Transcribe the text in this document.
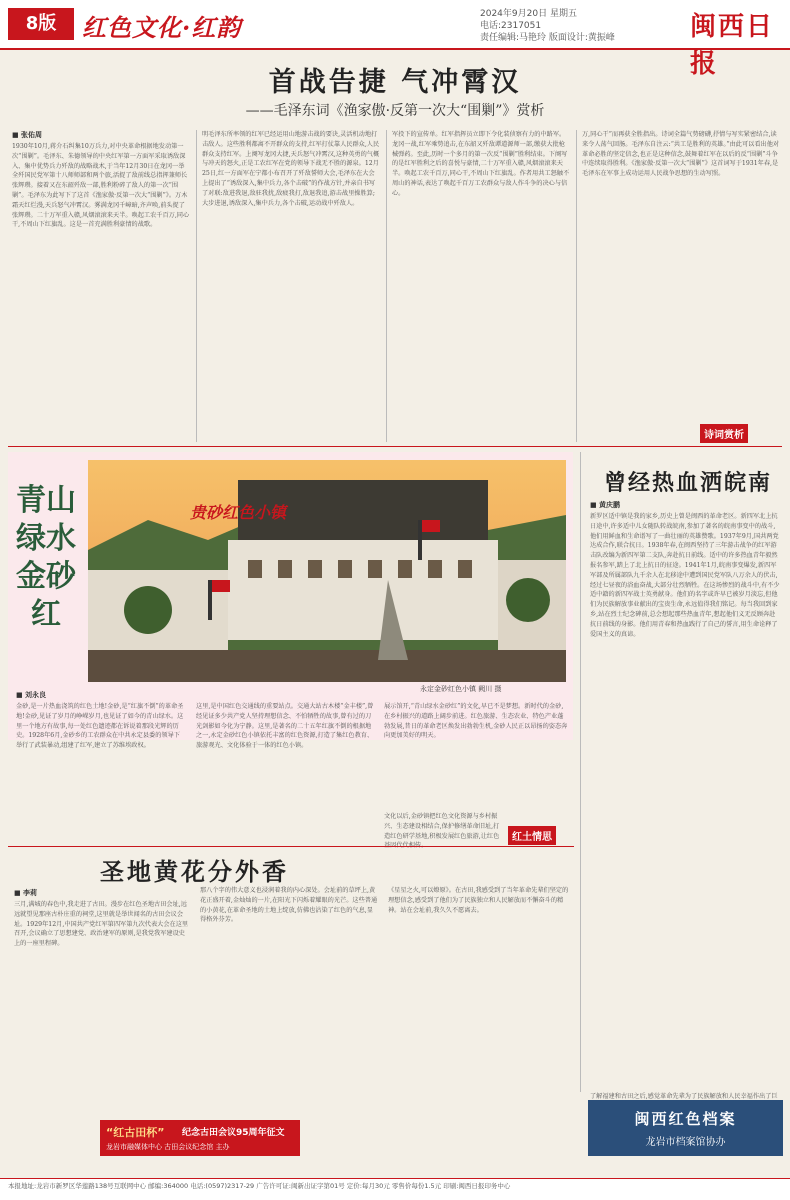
8版	红色文化·红韵	2024年9月20日 星期五
电话:2317051
责任编辑:马艳玲 版面设计:黄振峰	闽西日报
首战告捷 气冲霄汉
——毛泽东词《渔家傲·反第一次大“围剿”》赏析
■ 张佑周
1930年10月,蒋介石纠集10万兵力,对中央革命根据地发动第一次“围剿”。毛泽东、朱德领导的中央红军第一方面军采取诱敌深入、集中优势兵力歼敌的战略战术,于当年12月30日在龙冈一举全歼国民党军第十八师师部和两个旅,活捉了敌前线总指挥兼师长张辉瓒。接着又在东韶歼敌一部,胜利粉碎了敌人的第一次“围剿”。毛泽东为此写下了这首《渔家傲·反第一次大“围剿”》。万木霜天红烂漫,天兵怒气冲霄汉。雾满龙冈千嶂暗,齐声唤,前头捉了张辉瓒。二十万军重入赣,风烟滚滚来天半。唤起工农千百万,同心干,不周山下红旗乱。这是一首充满胜利豪情的战歌。
明毛泽东所率领的红军已经运用山地游击战的要诀,灵活机动地打击敌人。这些胜利都离不开群众的支持,红军打仗靠人民群众,人民群众支持红军。上阕写龙冈大捷,天兵怒气冲霄汉,这种英勇的气概与冲天的怒火,正是工农红军在党的领导下战无不胜的源泉。12月25日,红一方面军在宁都小布召开了歼敌誓师大会,毛泽东在大会上提出了“诱敌深入,集中兵力,各个击破”的作战方针,并亲自书写了对联:敌进我退,敌驻我扰,敌疲我打,敌退我追,游击战里操胜算;大步进退,诱敌深入,集中兵力,各个击破,运动战中歼敌人。
军投下的宣传单。红军指挥员立即下令化装侦察有力的中路军。龙冈一战,红军乘势追击,在东韶又歼敌谭道源师一部,缴获大批枪械弹药。至此,历时一个多月的第一次反“围剿”胜利结束。下阕写的是红军胜利之后的喜悦与豪情,二十万军重入赣,风烟滚滚来天半。唤起工农千百万,同心干,不周山下红旗乱。作者用共工怒触不周山的神话,表达了唤起千百万工农群众与敌人作斗争的决心与信心。
万,同心干”而再获全胜指出。诗词全篇气势磅礴,抒情与写实紧密结合,读来令人荡气回肠。毛泽东自注云:“共工是胜利的英雄。”由此可以看出他对革命必胜的坚定信念,也正是这种信念,鼓舞着红军在以后的反“围剿”斗争中连续取得胜利。《渔家傲·反第一次大“围剿”》这首词写于1931年春,是毛泽东在军事上成功运用人民战争思想的生动写照。
诗词赏析
青山绿水金砂红
贵砂红色小镇
永定金砂红色小镇 阙川 摄
■ 刘永良
金砂,是一片热血浇筑的红色土地!金砂,是“红旗不倒”的革命圣地!金砂,见证了岁月的峥嵘岁月,也见证了如今的青山绿水。这里一个地方有故事,每一处红色遗迹都在诉说着那段光辉的历史。1928年6月,金砂乡的工农群众在中共永定县委的领导下举行了武装暴动,组建了红军,建立了苏维埃政权。
这里,是中国红色交通线的重要站点。交通大站古木楼“金丰楼”,曾经见证多少共产党人坚持理想信念、不怕牺牲的故事,曾有过的刀光剑影如今化为宁静。这里,是著名的二十五年红旗不倒的根据地之一,永定金砂红色小镇依托丰富的红色资源,打造了集红色教育、旅游观光、文化体验于一体的红色小镇。
展示馆开,“青山绿水金砂红”的文化,早已不是梦想。新时代的金砂,在乡村振兴的道路上阔步前进。红色旅游、生态农业、特色产业蓬勃发展,昔日的革命老区焕发出勃勃生机,金砂人民正以昂扬的姿态奔向更加美好的明天。
文化以后,金砂镇把红色文化资源与乡村振兴、生态建设相结合,保护修缮革命旧址,打造红色研学基地,积极发展红色旅游,让红色	红土情思
曾经热血洒皖南
■ 黄庆鹏
新罗区适中镇是我的家乡,历史上曾是闽西的革命老区。新四军北上抗日途中,许多适中儿女随队转战皖南,参加了著名的皖南事变中的战斗,他们用鲜血和生命谱写了一曲壮丽的英雄赞歌。1937年9月,国共两党达成合作,联合抗日。1938年春,在闽西坚持了三年游击战争的红军游击队改编为新四军第二支队,奔赴抗日前线。适中的许多热血青年毅然报名参军,踏上了北上抗日的征途。1941年1月,皖南事变爆发,新四军军部及所属部队九千余人在北移途中遭到国民党军队八万余人的伏击,经过七昼夜的浴血奋战,大部分壮烈牺牲。在这场惨烈的战斗中,有不少适中籍的新四军战士英勇献身。他们的名字或许早已被岁月淡忘,但他们为民族解放事业献出的宝贵生命,永远值得我们铭记。每当我回到家乡,站在烈士纪念碑前,总会想起那些热血青年,想起他们义无反顾奔赴抗日前线的身影。他们用青春和热血践行了自己的誓言,用生命诠释了爱国主义的真谛。
圣地黄花分外香
■ 李莉
三月,满城的春色中,我走进了古田。漫步在红色圣地古田会址,远远就望见那座古朴庄重的祠堂,这里就是举世闻名的古田会议会址。1929年12月,中国共产党红军第四军第九次代表大会在这里召开,会议确立了思想建党、政治建军的原则,是我党我军建设史上的一座里程碑。
那八个字的伟大意义也浸润着我的内心深处。会址前的草坪上,黄花正盛开着,金灿灿的一片,在阳光下闪烁着耀眼的光芒。这些普通的小黄花,在革命圣地的土地上绽放,仿佛也沾染了红色的气息,显得格外芬芳。
《星星之火,可以燎原》。在古田,我感受到了当年革命先辈们坚定的理想信念,感受到了他们为了民族独立和人民解放而不懈奋斗的精神。站在会址前,我久久不愿离去。
“红古田杯” 纪念古田会议95周年征文
龙岩市融媒体中心 古田会议纪念馆 主办
了解福建和古田之后,感觉革命先辈为了民族解放和人民幸福作出了巨
闽西红色档案
龙岩市档案馆协办
本报地址:龙岩市新罗区华莲路138号互联网中心 邮编:364000 电话:(0597)2317-29 广告许可证:闽新出证字第01号 定价:每月30元 零售价每份1.5元 印刷:闽西日报印务中心
